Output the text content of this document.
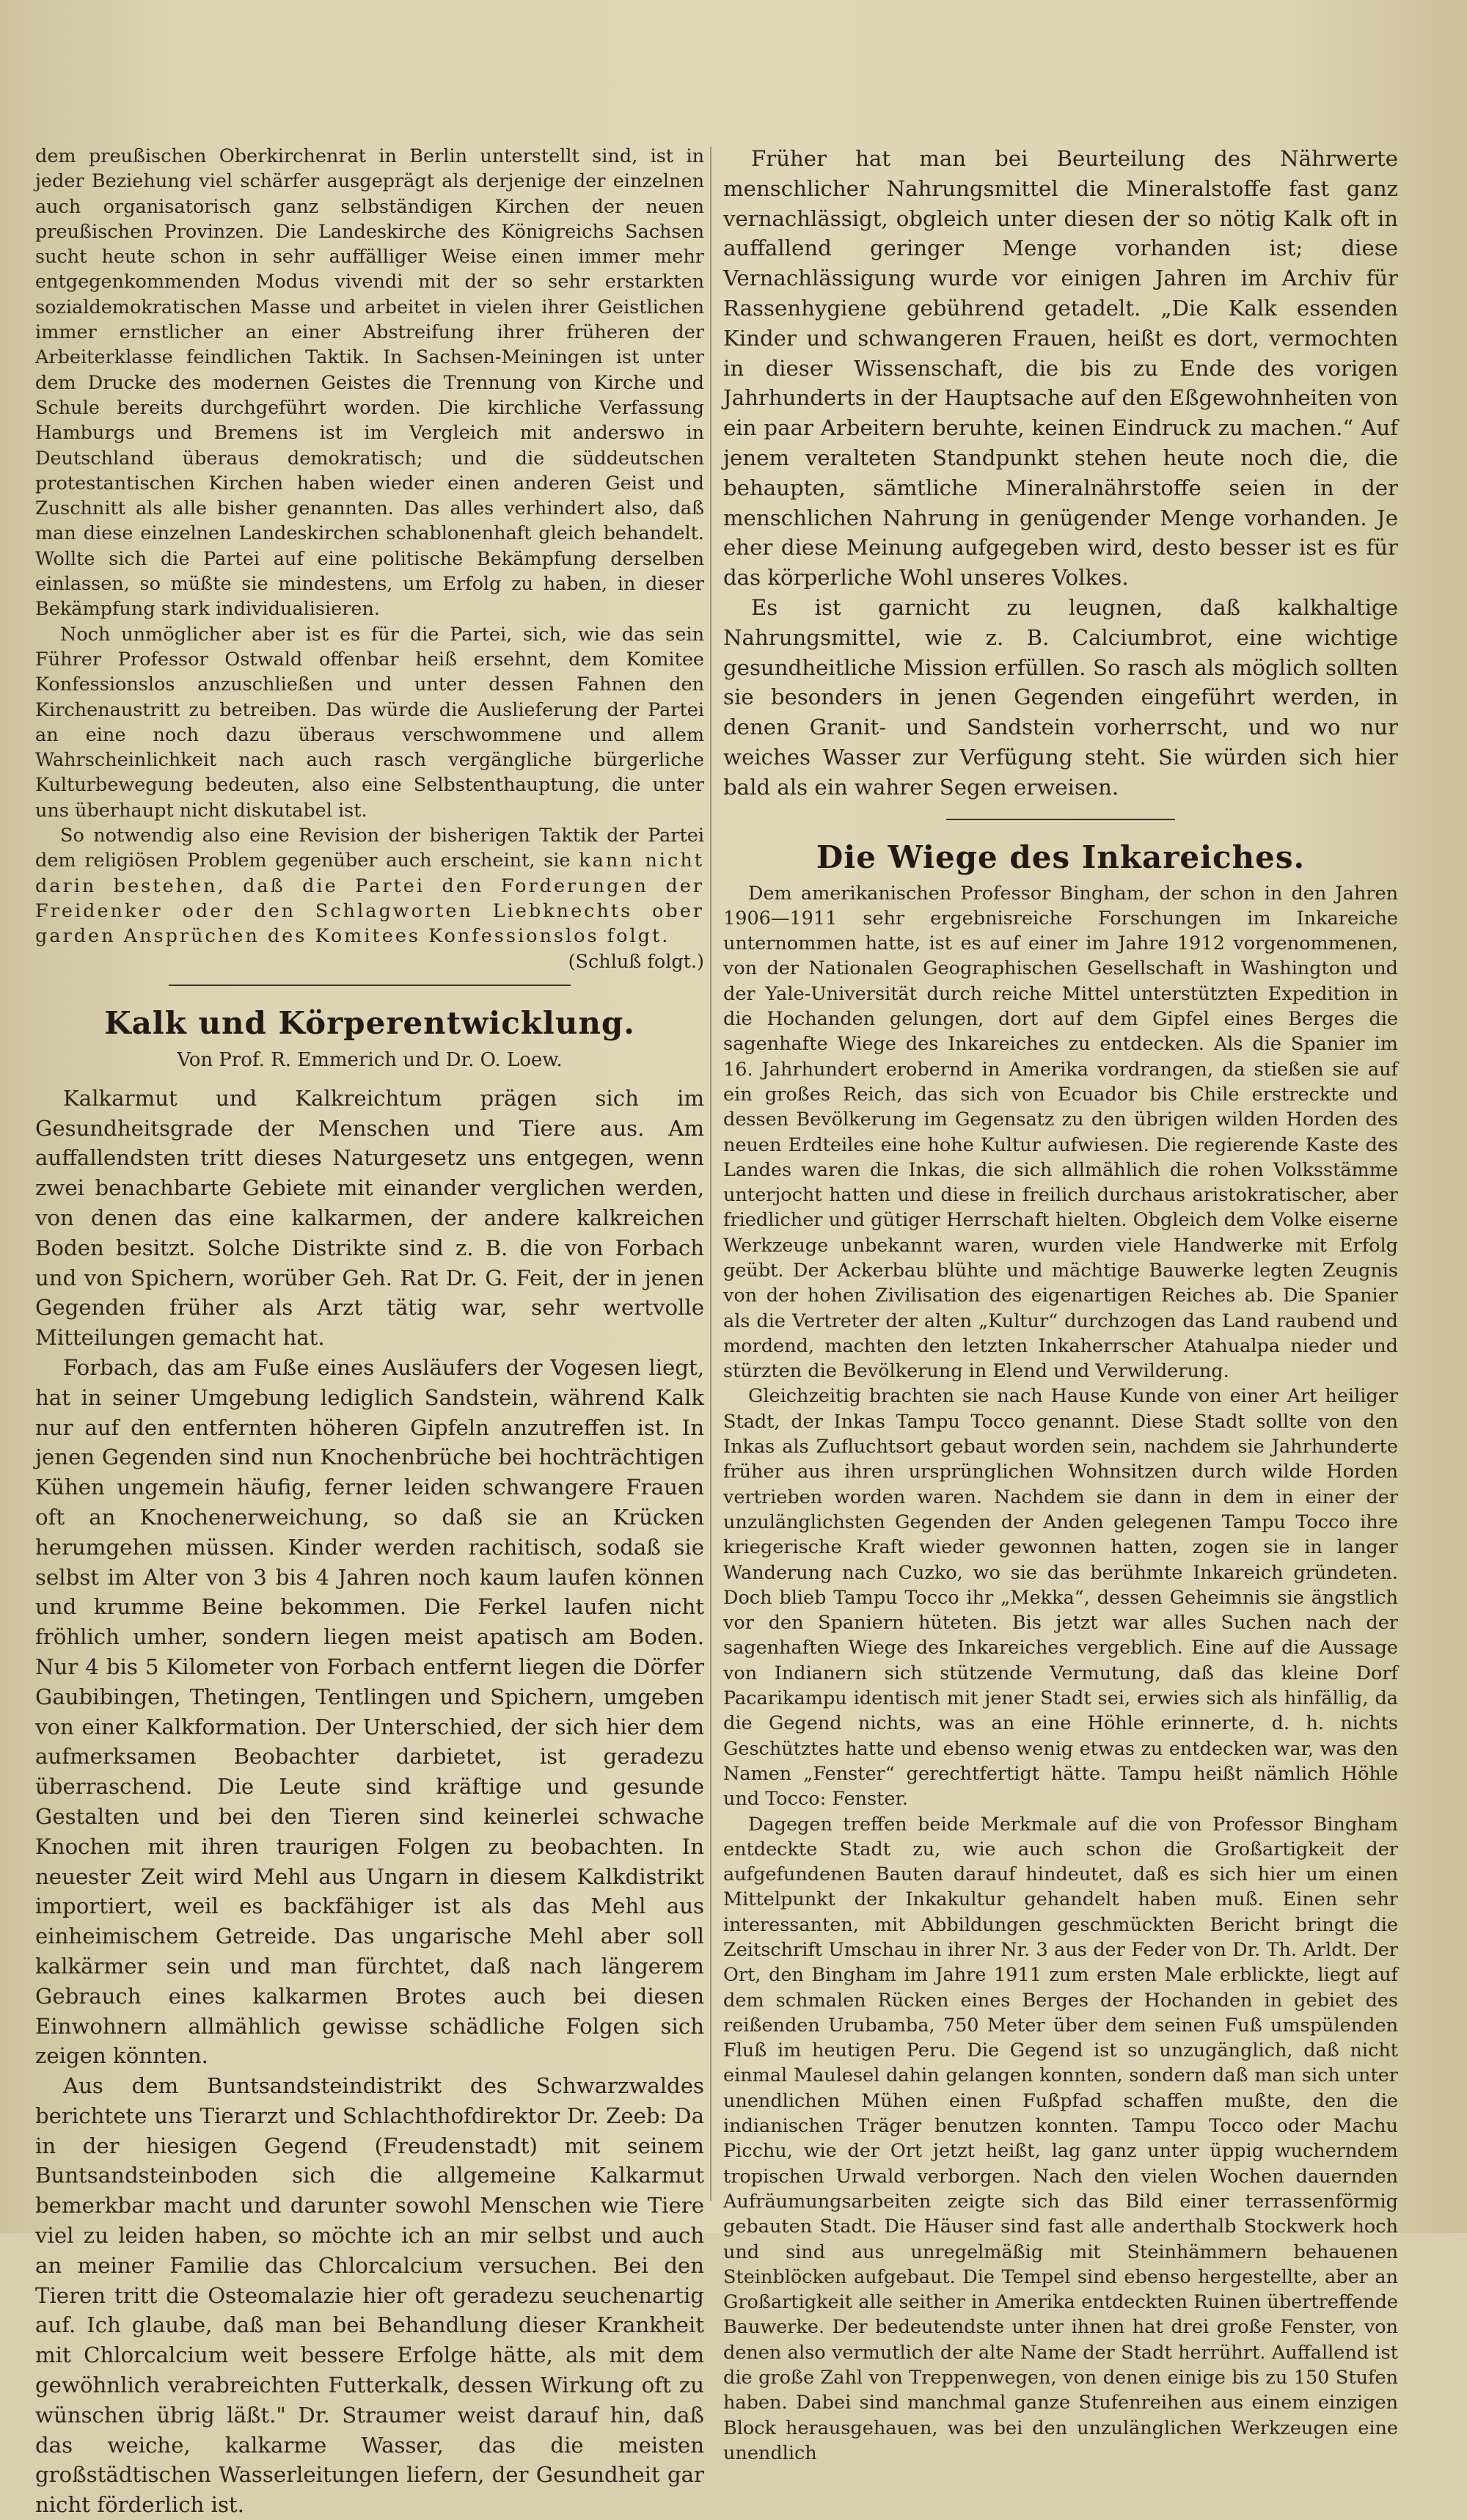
dem preußischen Oberkirchenrat in Berlin unterstellt sind, ist in jeder Beziehung viel schärfer ausgeprägt als derjenige der einzelnen auch organisatorisch ganz selbständigen Kirchen der neuen preußischen Provinzen. Die Landeskirche des Königreichs Sachsen sucht heute schon in sehr auffälliger Weise einen immer mehr entgegenkommenden Modus vivendi mit der so sehr erstarkten sozialdemokratischen Masse und arbeitet in vielen ihrer Geistlichen immer ernstlicher an einer Abstreifung ihrer früheren der Arbeiterklasse feindlichen Taktik. In Sachsen-Meiningen ist unter dem Drucke des modernen Geistes die Trennung von Kirche und Schule bereits durchgeführt worden. Die kirchliche Verfassung Hamburgs und Bremens ist im Vergleich mit anderswo in Deutschland überaus demokratisch; und die süddeutschen protestantischen Kirchen haben wieder einen anderen Geist und Zuschnitt als alle bisher genannten. Das alles verhindert also, daß man diese einzelnen Landeskirchen schablonenhaft gleich behandelt. Wollte sich die Partei auf eine politische Bekämpfung derselben einlassen, so müßte sie mindestens, um Erfolg zu haben, in dieser Bekämpfung stark individualisieren.

Noch unmöglicher aber ist es für die Partei, sich, wie das sein Führer Professor Ostwald offenbar heiß ersehnt, dem Komitee Konfessionslos anzuschließen und unter dessen Fahnen den Kirchenaustritt zu betreiben. Das würde die Auslieferung der Partei an eine noch dazu überaus verschwommene und allem Wahrscheinlichkeit nach auch rasch vergängliche bürgerliche Kulturbewegung bedeuten, also eine Selbstenthauptung, die unter uns überhaupt nicht diskutabel ist.

So notwendig also eine Revision der bisherigen Taktik der Partei dem religiösen Problem gegenüber auch erscheint, sie kann nicht darin bestehen, daß die Partei den Forderungen der Freidenker oder den Schlagworten Liebknechts ober garden Ansprüchen des Komitees Konfessionslos folgt.

(Schluß folgt.)
Kalk und Körperentwicklung.
Von Prof. R. Emmerich und Dr. O. Loew.

Kalkarmut und Kalkreichtum prägen sich im Gesundheitsgrade der Menschen und Tiere aus. Am auffallendsten tritt dieses Naturgesetz uns entgegen, wenn zwei benachbarte Gebiete mit einander verglichen werden, von denen das eine kalkarmen, der andere kalkreichen Boden besitzt. Solche Distrikte sind z. B. die von Forbach und von Spichern, worüber Geh. Rat Dr. G. Feit, der in jenen Gegenden früher als Arzt tätig war, sehr wertvolle Mitteilungen gemacht hat.

Forbach, das am Fuße eines Ausläufers der Vogesen liegt, hat in seiner Umgebung lediglich Sandstein, während Kalk nur auf den entfernten höheren Gipfeln anzutreffen ist. In jenen Gegenden sind nun Knochenbrüche bei hochträchtigen Kühen ungemein häufig, ferner leiden schwangere Frauen oft an Knochenerweichung, so daß sie an Krücken herumgehen müssen. Kinder werden rachitisch, sodaß sie selbst im Alter von 3 bis 4 Jahren noch kaum laufen können und krumme Beine bekommen. Die Ferkel laufen nicht fröhlich umher, sondern liegen meist apatisch am Boden. Nur 4 bis 5 Kilometer von Forbach entfernt liegen die Dörfer Gaubibingen, Thetingen, Tentlingen und Spichern, umgeben von einer Kalkformation. Der Unterschied, der sich hier dem aufmerksamen Beobachter darbietet, ist geradezu überraschend. Die Leute sind kräftige und gesunde Gestalten und bei den Tieren sind keinerlei schwache Knochen mit ihren traurigen Folgen zu beobachten. In neuester Zeit wird Mehl aus Ungarn in diesem Kalkdistrikt importiert, weil es backfähiger ist als das Mehl aus einheimischem Getreide. Das ungarische Mehl aber soll kalkärmer sein und man fürchtet, daß nach längerem Gebrauch eines kalkarmen Brotes auch bei diesen Einwohnern allmählich gewisse schädliche Folgen sich zeigen könnten.

Aus dem Buntsandsteindistrikt des Schwarzwaldes berichtete uns Tierarzt und Schlachthofdirektor Dr. Zeeb: Da in der hiesigen Gegend (Freudenstadt) mit seinem Buntsandsteinboden sich die allgemeine Kalkarmut bemerkbar macht und darunter sowohl Menschen wie Tiere viel zu leiden haben, so möchte ich an mir selbst und auch an meiner Familie das Chlorcalcium versuchen. Bei den Tieren tritt die Osteomalazie hier oft geradezu seuchenartig auf. Ich glaube, daß man bei Behandlung dieser Krankheit mit Chlorcalcium weit bessere Erfolge hätte, als mit dem gewöhnlich verabreichten Futterkalk, dessen Wirkung oft zu wünschen übrig läßt." Dr. Straumer weist darauf hin, daß das weiche, kalkarme Wasser, das die meisten großstädtischen Wasserleitungen liefern, der Gesundheit gar nicht förderlich ist.

Früher hat man bei Beurteilung des Nährwerte menschlicher Nahrungsmittel die Mineralstoffe fast ganz vernachlässigt, obgleich unter diesen der so nötig Kalk oft in auffallend geringer Menge vorhanden ist; diese Vernachlässigung wurde vor einigen Jahren im Archiv für Rassenhygiene gebührend getadelt. „Die Kalk essenden Kinder und schwangeren Frauen, heißt es dort, vermochten in dieser Wissenschaft, die bis zu Ende des vorigen Jahrhunderts in der Hauptsache auf den Eßgewohnheiten von ein paar Arbeitern beruhte, keinen Eindruck zu machen.“ Auf jenem veralteten Standpunkt stehen heute noch die, die behaupten, sämtliche Mineralnährstoffe seien in der menschlichen Nahrung in genügender Menge vorhanden. Je eher diese Meinung aufgegeben wird, desto besser ist es für das körperliche Wohl unseres Volkes.

Es ist garnicht zu leugnen, daß kalkhaltige Nahrungsmittel, wie z. B. Calciumbrot, eine wichtige gesundheitliche Mission erfüllen. So rasch als möglich sollten sie besonders in jenen Gegenden eingeführt werden, in denen Granit- und Sandstein vorherrscht, und wo nur weiches Wasser zur Verfügung steht. Sie würden sich hier bald als ein wahrer Segen erweisen.

Die Wiege des Inkareiches.

Dem amerikanischen Professor Bingham, der schon in den Jahren 1906—1911 sehr ergebnisreiche Forschungen im Inkareiche unternommen hatte, ist es auf einer im Jahre 1912 vorgenommenen, von der Nationalen Geographischen Gesellschaft in Washington und der Yale-Universität durch reiche Mittel unterstützten Expedition in die Hochanden gelungen, dort auf dem Gipfel eines Berges die sagenhafte Wiege des Inkareiches zu entdecken. Als die Spanier im 16. Jahrhundert erobernd in Amerika vordrangen, da stießen sie auf ein großes Reich, das sich von Ecuador bis Chile erstreckte und dessen Bevölkerung im Gegensatz zu den übrigen wilden Horden des neuen Erdteiles eine hohe Kultur aufwiesen. Die regierende Kaste des Landes waren die Inkas, die sich allmählich die rohen Volksstämme unterjocht hatten und diese in freilich durchaus aristokratischer, aber friedlicher und gütiger Herrschaft hielten. Obgleich dem Volke eiserne Werkzeuge unbekannt waren, wurden viele Handwerke mit Erfolg geübt. Der Ackerbau blühte und mächtige Bauwerke legten Zeugnis von der hohen Zivilisation des eigenartigen Reiches ab. Die Spanier als die Vertreter der alten „Kultur“ durchzogen das Land raubend und mordend, machten den letzten Inkaherrscher Atahualpa nieder und stürzten die Bevölkerung in Elend und Verwilderung.

Gleichzeitig brachten sie nach Hause Kunde von einer Art heiliger Stadt, der Inkas Tampu Tocco genannt. Diese Stadt sollte von den Inkas als Zufluchtsort gebaut worden sein, nachdem sie Jahrhunderte früher aus ihren ursprünglichen Wohnsitzen durch wilde Horden vertrieben worden waren. Nachdem sie dann in dem in einer der unzulänglichsten Gegenden der Anden gelegenen Tampu Tocco ihre kriegerische Kraft wieder gewonnen hatten, zogen sie in langer Wanderung nach Cuzko, wo sie das berühmte Inkareich gründeten. Doch blieb Tampu Tocco ihr „Mekka“, dessen Geheimnis sie ängstlich vor den Spaniern hüteten. Bis jetzt war alles Suchen nach der sagenhaften Wiege des Inkareiches vergeblich. Eine auf die Aussage von Indianern sich stützende Vermutung, daß das kleine Dorf Pacarikampu identisch mit jener Stadt sei, erwies sich als hinfällig, da die Gegend nichts, was an eine Höhle erinnerte, d. h. nichts Geschütztes hatte und ebenso wenig etwas zu entdecken war, was den Namen „Fenster“ gerechtfertigt hätte. Tampu heißt nämlich Höhle und Tocco: Fenster.

Dagegen treffen beide Merkmale auf die von Professor Bingham entdeckte Stadt zu, wie auch schon die Großartigkeit der aufgefundenen Bauten darauf hindeutet, daß es sich hier um einen Mittelpunkt der Inkakultur gehandelt haben muß. Einen sehr interessanten, mit Abbildungen geschmückten Bericht bringt die Zeitschrift Umschau in ihrer Nr. 3 aus der Feder von Dr. Th. Arldt. Der Ort, den Bingham im Jahre 1911 zum ersten Male erblickte, liegt auf dem schmalen Rücken eines Berges der Hochanden in gebiet des reißenden Urubamba, 750 Meter über dem seinen Fuß umspülenden Fluß im heutigen Peru. Die Gegend ist so unzugänglich, daß nicht einmal Maulesel dahin gelangen konnten, sondern daß man sich unter unendlichen Mühen einen Fußpfad schaffen mußte, den die indianischen Träger benutzen konnten. Tampu Tocco oder Machu Picchu, wie der Ort jetzt heißt, lag ganz unter üppig wucherndem tropischen Urwald verborgen. Nach den vielen Wochen dauernden Aufräumungsarbeiten zeigte sich das Bild einer terrassenförmig gebauten Stadt. Die Häuser sind fast alle anderthalb Stockwerk hoch und sind aus unregelmäßig mit Steinhämmern behauenen Steinblöcken aufgebaut. Die Tempel sind ebenso hergestellte, aber an Großartigkeit alle seither in Amerika entdeckten Ruinen übertreffende Bauwerke. Der bedeutendste unter ihnen hat drei große Fenster, von denen also vermutlich der alte Name der Stadt herrührt. Auffallend ist die große Zahl von Treppenwegen, von denen einige bis zu 150 Stufen haben. Dabei sind manchmal ganze Stufenreihen aus einem einzigen Block herausgehauen, was bei den unzulänglichen Werkzeugen eine unendlich
